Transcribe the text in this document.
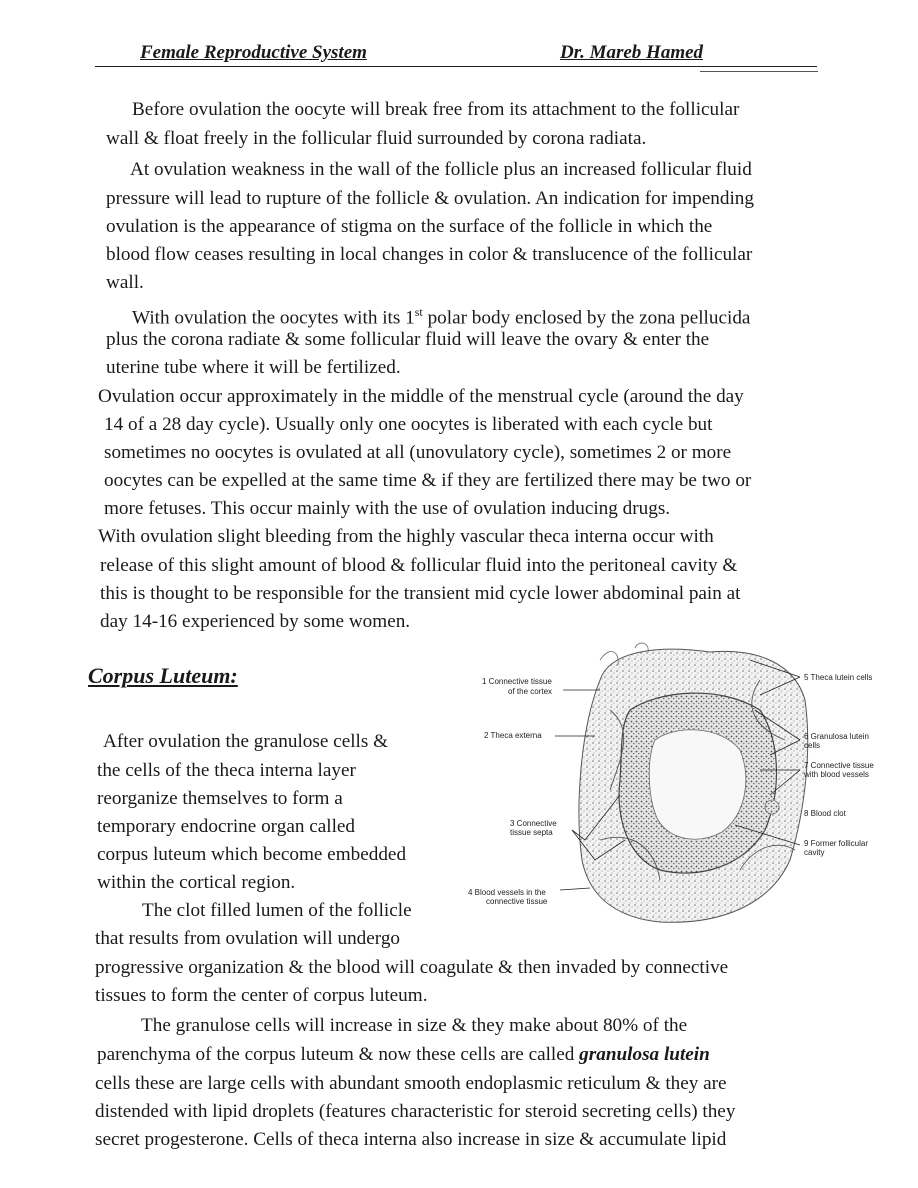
Female Reproductive System	Dr. Mareb Hamed
Before ovulation the oocyte will break free from its attachment to the follicular
wall & float freely in the follicular fluid surrounded by corona radiata.
At ovulation weakness in the wall of the follicle plus an increased follicular fluid
pressure will lead to rupture of the follicle & ovulation. An indication for impending
ovulation is the appearance of stigma on the surface of the follicle in which the
blood flow ceases resulting in local changes in color & translucence of the follicular
wall.
With ovulation the oocytes with its 1st polar body enclosed by the zona pellucida
plus the corona radiate & some follicular fluid will leave the ovary & enter the
uterine tube where it will be fertilized.
Ovulation occur approximately in the middle of the menstrual cycle (around the day
14 of a 28 day cycle). Usually only one oocytes is liberated with each cycle but
sometimes no oocytes is ovulated at all (unovulatory cycle), sometimes 2 or more
oocytes can be expelled at the same time & if they are fertilized there may be two or
more fetuses. This occur mainly with the use of ovulation inducing drugs.
With ovulation slight bleeding from the highly vascular theca interna occur with
release of this slight amount of blood & follicular fluid into the peritoneal cavity &
this is thought to be responsible for the transient mid cycle lower abdominal pain at
day 14-16 experienced by some women.
Corpus Luteum:
After ovulation the granulose cells &
the cells of the theca interna layer
reorganize themselves to form a
temporary endocrine organ called
corpus luteum which become embedded
within the cortical region.
The clot filled lumen of the follicle
that results from ovulation will undergo
progressive organization & the blood will coagulate & then invaded by connective
tissues to form the center of corpus luteum.
The granulose cells will increase in size & they make about 80% of the
parenchyma of the corpus luteum & now these cells are called granulosa lutein
cells these are large cells with abundant smooth endoplasmic reticulum & they are
distended with lipid droplets (features characteristic for steroid secreting cells) they
secret progesterone. Cells of theca interna also increase in size & accumulate lipid
1 Connective tissue
of the cortex
2 Theca externa
3 Connective
tissue septa
4 Blood vessels in the
connective tissue
5 Theca lutein cells
6 Granulosa lutein
cells
7 Connective tissue
with blood vessels
8 Blood clot
9 Former follicular
cavity
